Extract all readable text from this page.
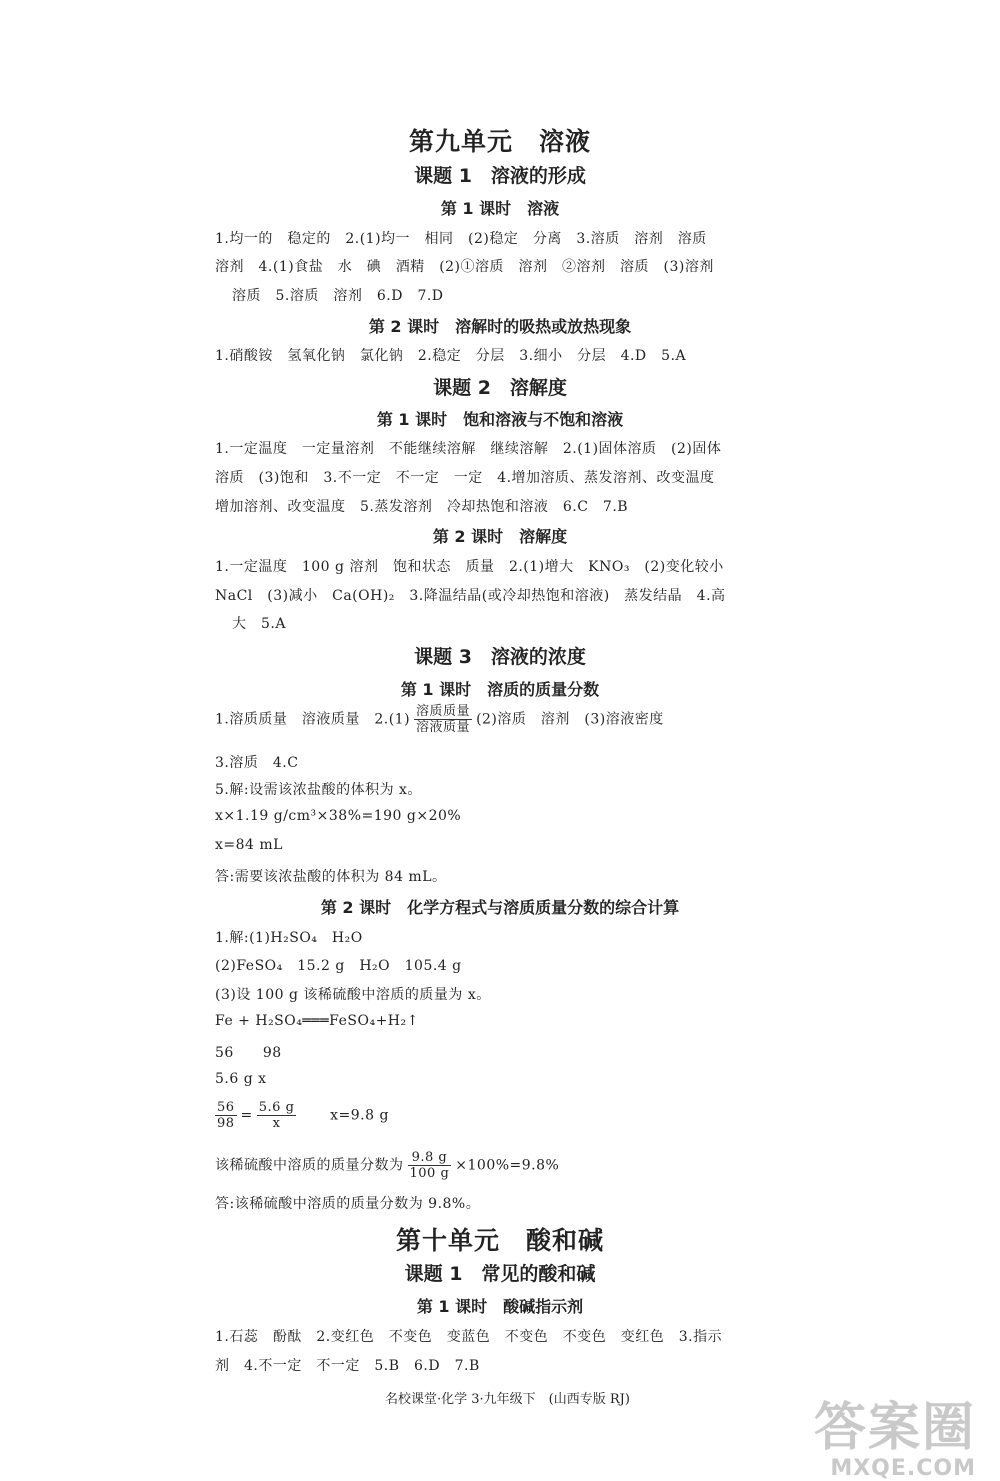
第九单元　溶液
课题 1　溶液的形成
第 1 课时　溶液
1.均一的　稳定的　2.(1)均一　相同　(2)稳定　分离　3.溶质　溶剂　溶质
溶剂　4.(1)食盐　水　碘　酒精　(2)①溶质　溶剂　②溶剂　溶质　(3)溶剂
溶质　5.溶质　溶剂　6.D　7.D
第 2 课时　溶解时的吸热或放热现象
1.硝酸铵　氢氧化钠　氯化钠　2.稳定　分层　3.细小　分层　4.D　5.A
课题 2　溶解度
第 1 课时　饱和溶液与不饱和溶液
1.一定温度　一定量溶剂　不能继续溶解　继续溶解　2.(1)固体溶质　(2)固体
溶质　(3)饱和　3.不一定　不一定　一定　4.增加溶质、蒸发溶剂、改变温度
增加溶剂、改变温度　5.蒸发溶剂　冷却热饱和溶液　6.C　7.B
第 2 课时　溶解度
1.一定温度　100 g 溶剂　饱和状态　质量　2.(1)增大　KNO₃　(2)变化较小
NaCl　(3)减小　Ca(OH)₂　3.降温结晶(或冷却热饱和溶液)　蒸发结晶　4.高
大　5.A
课题 3　溶液的浓度
第 1 课时　溶质的质量分数
1.溶质质量　溶液质量　$2.(1) \frac{\text{溶质质量}}{\text{溶液质量}} (2)$溶质　溶剂　(3)溶液密度
3.溶质　4.C
5.解:设需该浓盐酸的体积为 x。
x×1.19 g/cm³×38%=190 g×20%
x=84 mL
答:需要该浓盐酸的体积为 84 mL。
第 2 课时　化学方程式与溶质质量分数的综合计算
1.解:(1)H₂SO₄　H₂O
(2)FeSO₄　15.2 g　H₂O　105.4 g
(3)设 100 g 该稀硫酸中溶质的质量为 x。
Fe + H₂SO₄═══FeSO₄+H₂↑
56　　98
5.6 g x
$\frac{56}{98} = \frac{5.6 g}{x} x=9.8$ g
该稀硫酸中溶质的质量分数为 $\frac{9.8 g}{100 g} \times 100\%=9.8\%$
答:该稀硫酸中溶质的质量分数为 9.8%。
第十单元　酸和碱
课题 1　常见的酸和碱
第 1 课时　酸碱指示剂
1.石蕊　酚酞　2.变红色　不变色　变蓝色　不变色　不变色　变红色　3.指示
剂　4.不一定　不一定　5.B　6.D　7.B
名校课堂·化学 3·九年级下　(山西专版 RJ)	答案圈
MXQE.COM
